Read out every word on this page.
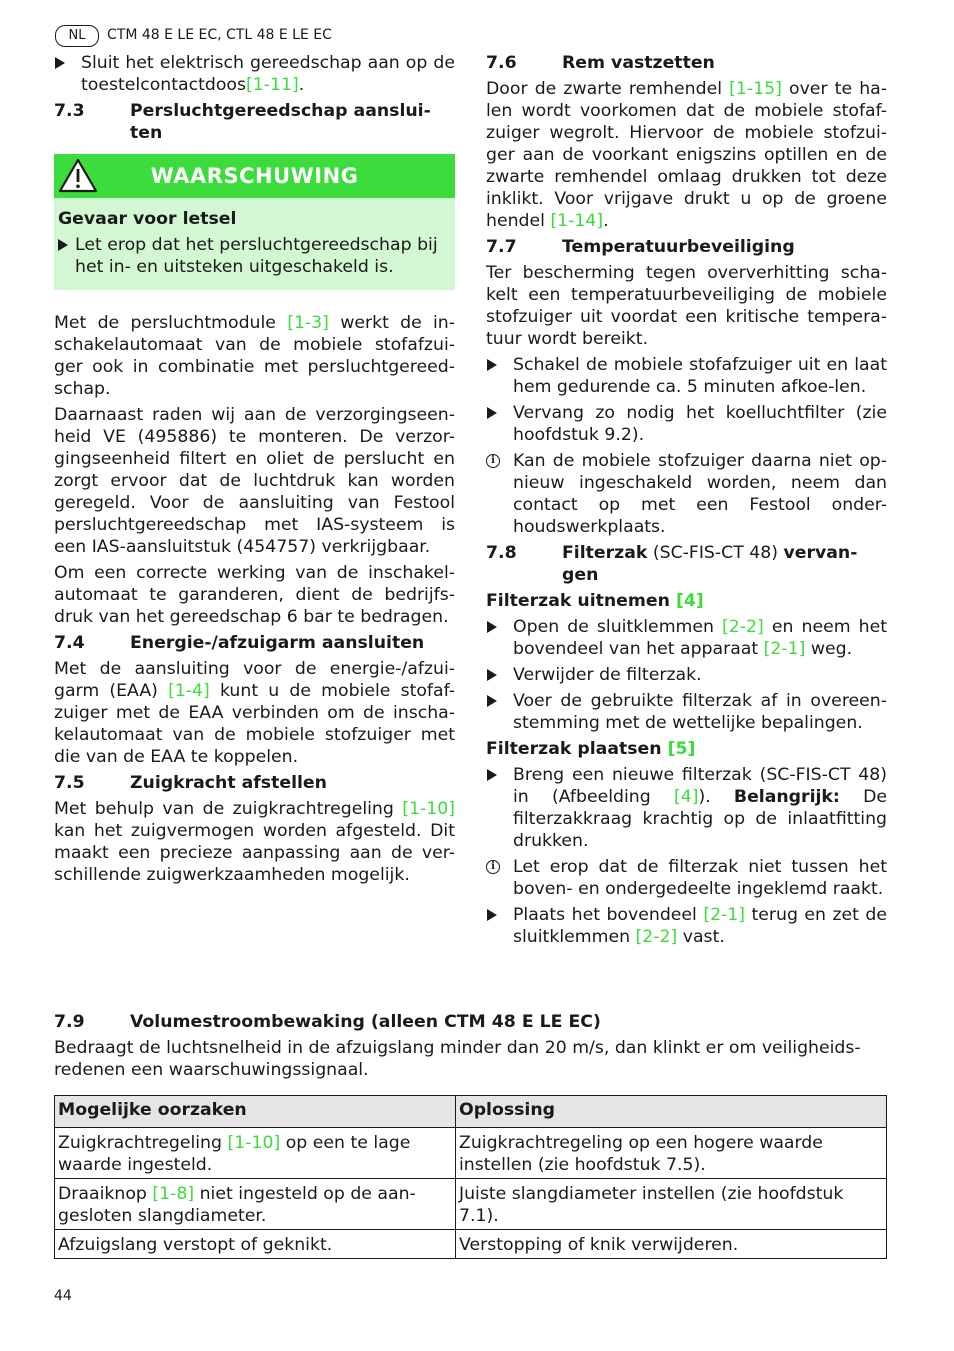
NL	CTM 48 E LE EC, CTL 48 E LE EC
Sluit het elektrisch gereedschap aan op de toestelcontactdoos[1-11].
7.3	Persluchtgereedschap aanslui-ten
WAARSCHUWING
Gevaar voor letsel
Let erop dat het persluchtgereedschap bij het in- en uitsteken uitgeschakeld is.

Met de persluchtmodule [1-3] werkt de in-schakelautomaat van de mobiele stofafzui-ger ook in combinatie met persluchtgereed-schap.

Daarnaast raden wij aan de verzorgingseen-heid VE (495886) te monteren. De verzor-gingseenheid filtert en oliet de perslucht en zorgt ervoor dat de luchtdruk kan worden geregeld. Voor de aansluiting van Festool persluchtgereedschap met IAS-systeem is een IAS-aansluitstuk (454757) verkrijgbaar.

Om een correcte werking van de inschakel-automaat te garanderen, dient de bedrijfs-druk van het gereedschap 6 bar te bedragen.

7.4	Energie-/afzuigarm aansluiten

Met de aansluiting voor de energie-/afzui-garm (EAA) [1-4] kunt u de mobiele stofaf-zuiger met de EAA verbinden om de inscha-kelautomaat van de mobiele stofzuiger met die van de EAA te koppelen.

7.5	Zuigkracht afstellen

Met behulp van de zuigkrachtregeling [1-10] kan het zuigvermogen worden afgesteld. Dit maakt een precieze aanpassing aan de ver-schillende zuigwerkzaamheden mogelijk.

7.6	Rem vastzetten

Door de zwarte remhendel [1-15] over te ha-len wordt voorkomen dat de mobiele stofaf-zuiger wegrolt. Hiervoor de mobiele stofzui-ger aan de voorkant enigszins optillen en de zwarte remhendel omlaag drukken tot deze inklikt. Voor vrijgave drukt u op de groene hendel [1-14].

7.7	Temperatuurbeveiliging

Ter bescherming tegen oververhitting scha-kelt een temperatuurbeveiliging de mobiele stofzuiger uit voordat een kritische tempera-tuur wordt bereikt.

Schakel de mobiele stofafzuiger uit en laat hem gedurende ca. 5 minuten afkoe-len.
Vervang zo nodig het koelluchtfilter (zie hoofdstuk 9.2).
i Kan de mobiele stofzuiger daarna niet op-nieuw ingeschakeld worden, neem dan contact op met een Festool onder-houdswerkplaats.
7.8	Filterzak (SC-FIS-CT 48) vervan-gen
Filterzak uitnemen [4]
Open de sluitklemmen [2-2] en neem het bovendeel van het apparaat [2-1] weg.
Verwijder de filterzak.
Voer de gebruikte filterzak af in overeen-stemming met de wettelijke bepalingen.
Filterzak plaatsen [5]
Breng een nieuwe filterzak (SC-FIS-CT 48) in (Afbeelding [4]). Belangrijk: De filterzakkraag krachtig op de inlaatfitting drukken.
i Let erop dat de filterzak niet tussen het boven- en ondergedeelte ingeklemd raakt.
Plaats het bovendeel [2-1] terug en zet de sluitklemmen [2-2] vast.
7.9	Volumestroombewaking (alleen CTM 48 E LE EC)

Bedraagt de luchtsnelheid in de afzuigslang minder dan 20 m/s, dan klinkt er om veiligheids-redenen een waarschuwingssignaal.

Mogelijke oorzaken	Oplossing
Zuigkrachtregeling [1-10] op een te lage waarde ingesteld.	Zuigkrachtregeling op een hogere waarde instellen (zie hoofdstuk 7.5).
Draaiknop [1-8] niet ingesteld op de aan-gesloten slangdiameter.	Juiste slangdiameter instellen (zie hoofdstuk 7.1).
Afzuigslang verstopt of geknikt.	Verstopping of knik verwijderen.
44
